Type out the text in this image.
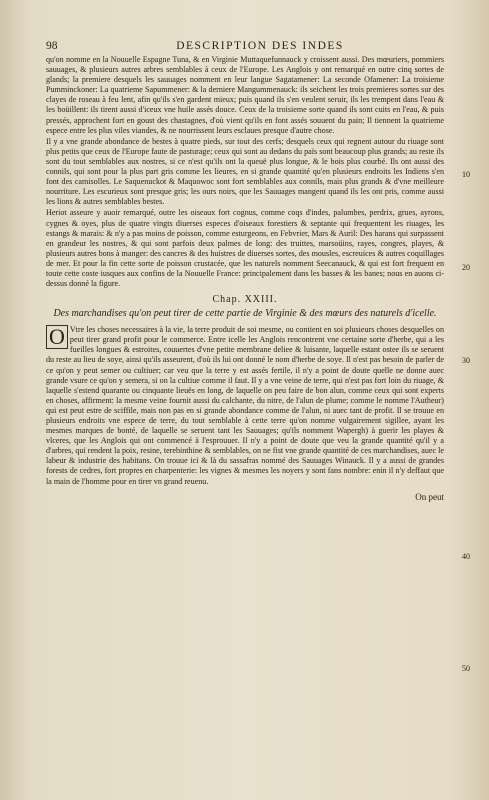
98	DESCRIPTION DES INDES

qu'on nomme en la Nouuelle Espagne Tuna, & en Virginie Muttaquefunnauck y croissent aussi. Des mœuriers, pommiers sauuages, & plusieurs autres arbres semblables à ceux de l'Europe. Les Anglois y ont remarqué en outre cinq sortes de glands; la premiere desquels les sauuages nomment en leur langue Sagatamener: La seconde Ofamener: La troisieme Pumminckoner: La quatrieme Sapummener: & la derniere Mangummenauck: ils seichent les trois premieres sortes sur des clayes de roseau à feu lent, afin qu'ils s'en gardent mieux; puis quand ils s'en veulent seruir, ils les trempent dans l'eau & les boüillent: ils tirent aussi d'iceux vne huile assés douce. Ceux de la troisieme sorte quand ils sont cuits en l'eau, & puis pressés, approchent fort en goust des chastagnes, d'où vient qu'ils en font assés souuent du pain; Il tiennent la quatrieme espece entre les plus viles viandes, & ne nourrissent leurs esclaues presque d'autre chose.

Il y a vne grande abondance de bestes à quatre pieds, sur tout des cerfs; desquels ceux qui regnent autour du riuage sont plus petits que ceux de l'Europe faute de pasturage; ceux qui sont au dedans du païs sont beaucoup plus grands; au reste ils sont du tout semblables aux nostres, si ce n'est qu'ils ont la queuë plus longue, & le bois plus courbé. Ils ont aussi des connils, qui sont pour la plus part gris comme les lieures, en si grande quantité qu'en plusieurs endroits les Indiens s'en font des camisolles. Le Saquenuckot & Maquowoc sont fort semblables aux connils, mais plus grands & d'vne meilleure nourriture. Les escurieux sont presque gris; les ours noirs, que les Sauuages mangent quand ils les ont pris, comme aussi les lions & autres semblables bestes.

Heriot asseure y auoir remarqué, outre les oiseaux fort cognus, comme coqs d'indes, palumbes, perdrix, grues, ayrons, cygnes & oyes, plus de quatre vingts diuerses especes d'oiseaux forestiers & septante qui frequentent les riuages, les estangs & marais: & n'y a pas moins de poisson, comme esturgeons, en Febvrier, Mars & Auril: Des harans qui surpassent en grandeur les nostres, & qui sont parfois deux palmes de long: des truittes, marsoüins, rayes, congres, playes, & plusieurs autres bons à manger: des cancres & des huistres de diuerses sortes, des mousles, escreuices & autres coquillages de mer. Et pour la fin cette sorte de poisson crustacée, que les naturels nomment Seecanauck, & qui est fort frequent en toute cette coste iusques aux confins de la Nouuelle France: principalement dans les basses & les banes; nous en auons ci-dessus donné la figure.

Chap. XXIII.
Des marchandises qu'on peut tirer de cette partie de Virginie & des mœurs des naturels d'icelle.

O Vtre les choses necessaires à la vie, la terre produit de soi mesme, ou contient en soi plusieurs choses desquelles on peut tirer grand profit pour le commerce. Entre icelle les Anglois rencontrent vne certaine sorte d'herbe, qui a les fueilles longues & estroites, couuertes d'vne petite membrane deliee & luisante, laquelle estant ostee ils se seruent du reste au lieu de soye, ainsi qu'ils asseurent, d'où ils lui ont donné le nom d'herbe de soye. Il n'est pas besoin de parler de ce qu'on y peut semer ou cultiuer; car veu que la terre y est assés fertile, il n'y a point de doute quelle ne donne auec grande vsure ce qu'on y semera, si on la cultiue comme il faut. Il y a vne veine de terre, qui n'est pas fort loin du riuage, & laquelle s'estend quarante ou cinquante lieuës en long, de laquelle on peu faire de bon alun, comme ceux qui sont experts en choses, affirment: la mesme veine fournit aussi du calchante, du nitre, de l'alun de plume; comme le nomme l'Autheur) qui est peut estre de sciffile, mais non pas en si grande abondance comme de l'alun, ni auec tant de profit. Il se trouue en plusieurs endroits vne espece de terre, du tout semblable à cette terre qu'on nomme vulgairement sigillee, ayant les mesmes marques de bonté, de laquelle se seruent tant les Sauuages; qu'ils nomment Wapergh) à guerir les playes & vlceres, que les Anglois qui ont commencé à l'esprouuer. Il n'y a point de doute que veu la grande quantité qu'il y a d'arbres, qui rendent la poix, resine, terebinthine & semblables, on ne fist vne grande quantité de ces marchandises, auec le labeur & industrie des habitans. On trouue ici & là du sassafras nommé des Sauuages Winauck. Il y a aussi de grandes forests de cedres, fort propres en charpenterie: les vignes & mesmes les noyers y sont fans nombre: enin il n'y deffaut que la main de l'homme pour en tirer vn grand reuenu.

On peut
10
20
30
40
50
